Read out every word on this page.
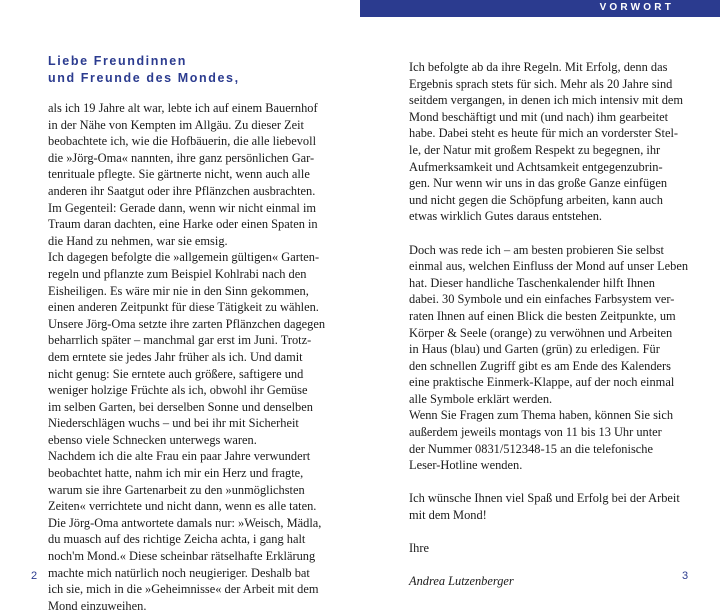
VORWORT
Liebe Freundinnen
und Freunde des Mondes,
als ich 19 Jahre alt war, lebte ich auf einem Bauernhof
in der Nähe von Kempten im Allgäu. Zu dieser Zeit
beobachtete ich, wie die Hofbäuerin, die alle liebevoll
die »Jörg-Oma« nannten, ihre ganz persönlichen Gar-
tenrituale pflegte. Sie gärtnerte nicht, wenn auch alle
anderen ihr Saatgut oder ihre Pflänzchen ausbrachten.
Im Gegenteil: Gerade dann, wenn wir nicht einmal im
Traum daran dachten, eine Harke oder einen Spaten in
die Hand zu nehmen, war sie emsig.
Ich dagegen befolgte die »allgemein gültigen« Garten-
regeln und pflanzte zum Beispiel Kohlrabi nach den
Eisheiligen. Es wäre mir nie in den Sinn gekommen,
einen anderen Zeitpunkt für diese Tätigkeit zu wählen.
Unsere Jörg-Oma setzte ihre zarten Pflänzchen dagegen
beharrlich später – manchmal gar erst im Juni. Trotz-
dem erntete sie jedes Jahr früher als ich. Und damit
nicht genug: Sie erntete auch größere, saftigere und
weniger holzige Früchte als ich, obwohl ihr Gemüse
im selben Garten, bei derselben Sonne und denselben
Niederschlägen wuchs – und bei ihr mit Sicherheit
ebenso viele Schnecken unterwegs waren.
Nachdem ich die alte Frau ein paar Jahre verwundert
beobachtet hatte, nahm ich mir ein Herz und fragte,
warum sie ihre Gartenarbeit zu den »unmöglichsten
Zeiten« verrichtete und nicht dann, wenn es alle taten.
Die Jörg-Oma antwortete damals nur: »Weisch, Mädla,
du muasch auf des richtige Zeicha achta, i gang halt
noch'm Mond.« Diese scheinbar rätselhafte Erklärung
machte mich natürlich noch neugieriger. Deshalb bat
ich sie, mich in die »Geheimnisse« der Arbeit mit dem
Mond einzuweihen.
Ich befolgte ab da ihre Regeln. Mit Erfolg, denn das
Ergebnis sprach stets für sich. Mehr als 20 Jahre sind
seitdem vergangen, in denen ich mich intensiv mit dem
Mond beschäftigt und mit (und nach) ihm gearbeitet
habe. Dabei steht es heute für mich an vorderster Stel-
le, der Natur mit großem Respekt zu begegnen, ihr
Aufmerksamkeit und Achtsamkeit entgegenzubrin-
gen. Nur wenn wir uns in das große Ganze einfügen
und nicht gegen die Schöpfung arbeiten, kann auch
etwas wirklich Gutes daraus entstehen.
Doch was rede ich – am besten probieren Sie selbst
einmal aus, welchen Einfluss der Mond auf unser Leben
hat. Dieser handliche Taschenkalender hilft Ihnen
dabei. 30 Symbole und ein einfaches Farbsystem ver-
raten Ihnen auf einen Blick die besten Zeitpunkte, um
Körper & Seele (orange) zu verwöhnen und Arbeiten
in Haus (blau) und Garten (grün) zu erledigen. Für
den schnellen Zugriff gibt es am Ende des Kalenders
eine praktische Einmerk-Klappe, auf der noch einmal
alle Symbole erklärt werden.
Wenn Sie Fragen zum Thema haben, können Sie sich
außerdem jeweils montags von 11 bis 13 Uhr unter
der Nummer 0831/512348-15 an die telefonische
Leser-Hotline wenden.
Ich wünsche Ihnen viel Spaß und Erfolg bei der Arbeit
mit dem Mond!
Ihre
Andrea Lutzenberger
2	3
